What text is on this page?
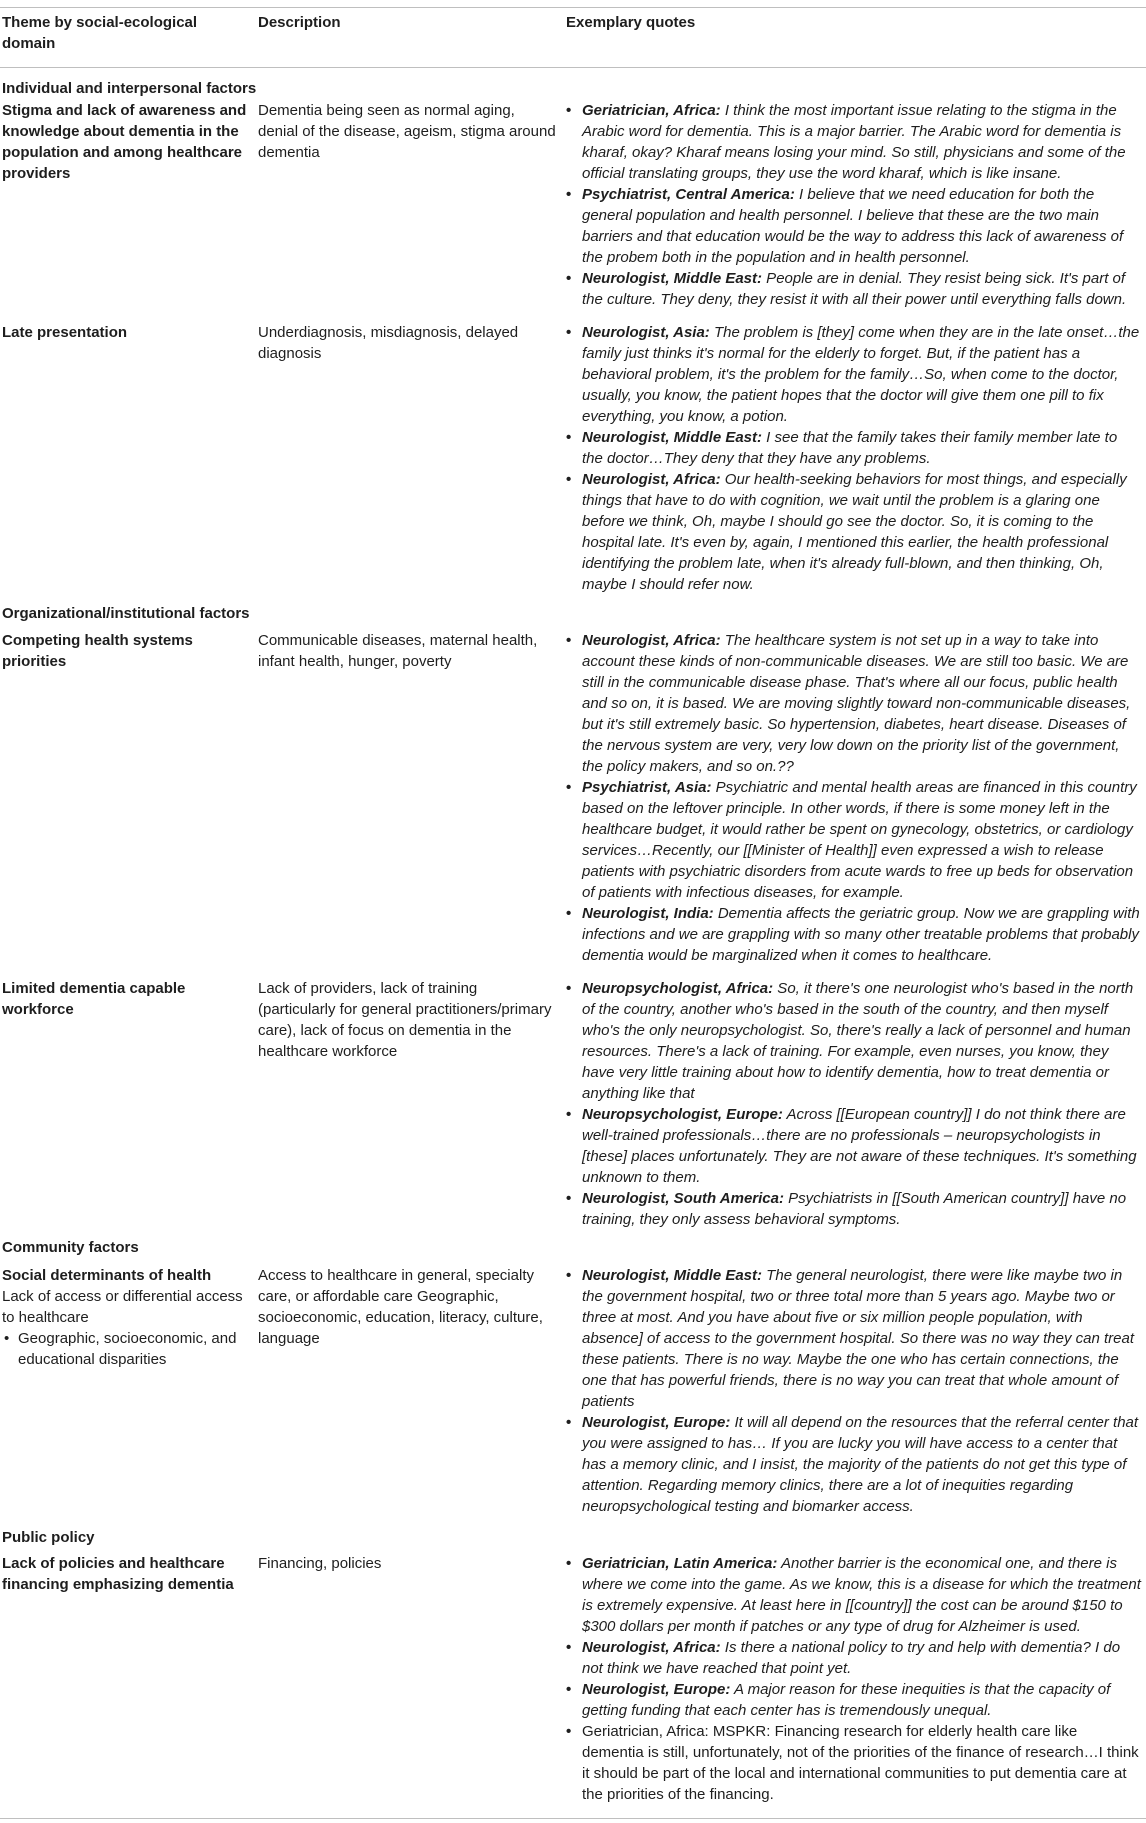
Theme by social-ecological domain
Description	Exemplary quotes
Individual and interpersonal factors
Stigma and lack of awareness and knowledge about dementia in the population and among healthcare providers
Dementia being seen as normal aging, denial of the disease, ageism, stigma around dementia
• Geriatrician, Africa: I think the most important issue relating to the stigma in the Arabic word for dementia. This is a major barrier. The Arabic word for dementia is kharaf, okay? Kharaf means losing your mind. So still, physicians and some of the official translating groups, they use the word kharaf, which is like insane.
• Psychiatrist, Central America: I believe that we need education for both the general population and health personnel. I believe that these are the two main barriers and that education would be the way to address this lack of awareness of the probem both in the population and in health personnel.
• Neurologist, Middle East: People are in denial. They resist being sick. It's part of the culture. They deny, they resist it with all their power until everything falls down.
Late presentation	Underdiagnosis, misdiagnosis, delayed diagnosis
• Neurologist, Asia: The problem is [they] come when they are in the late onset…the family just thinks it's normal for the elderly to forget. But, if the patient has a behavioral problem, it's the problem for the family…So, when come to the doctor, usually, you know, the patient hopes that the doctor will give them one pill to fix everything, you know, a potion.
• Neurologist, Middle East: I see that the family takes their family member late to the doctor…They deny that they have any problems.
• Neurologist, Africa: Our health-seeking behaviors for most things, and especially things that have to do with cognition, we wait until the problem is a glaring one before we think, Oh, maybe I should go see the doctor. So, it is coming to the hospital late. It's even by, again, I mentioned this earlier, the health professional identifying the problem late, when it's already full-blown, and then thinking, Oh, maybe I should refer now.
Organizational/institutional factors
Competing health systems priorities
Communicable diseases, maternal health, infant health, hunger, poverty
• Neurologist, Africa: The healthcare system is not set up in a way to take into account these kinds of non-communicable diseases. We are still too basic. We are still in the communicable disease phase. That's where all our focus, public health and so on, it is based. We are moving slightly toward non-communicable diseases, but it's still extremely basic. So hypertension, diabetes, heart disease. Diseases of the nervous system are very, very low down on the priority list of the government, the policy makers, and so on.??
• Psychiatrist, Asia: Psychiatric and mental health areas are financed in this country based on the leftover principle. In other words, if there is some money left in the healthcare budget, it would rather be spent on gynecology, obstetrics, or cardiology services…Recently, our [[Minister of Health]] even expressed a wish to release patients with psychiatric disorders from acute wards to free up beds for observation of patients with infectious diseases, for example.
• Neurologist, India: Dementia affects the geriatric group. Now we are grappling with infections and we are grappling with so many other treatable problems that probably dementia would be marginalized when it comes to healthcare.
Limited dementia capable workforce
Lack of providers, lack of training (particularly for general practitioners/primary care), lack of focus on dementia in the healthcare workforce
• Neuropsychologist, Africa: So, it there's one neurologist who's based in the north of the country, another who's based in the south of the country, and then myself who's the only neuropsychologist. So, there's really a lack of personnel and human resources. There's a lack of training. For example, even nurses, you know, they have very little training about how to identify dementia, how to treat dementia or anything like that
• Neuropsychologist, Europe: Across [[European country]] I do not think there are well-trained professionals…there are no professionals – neuropsychologists in [these] places unfortunately. They are not aware of these techniques. It's something unknown to them.
• Neurologist, South America: Psychiatrists in [[South American country]] have no training, they only assess behavioral symptoms.
Community factors
Social determinants of health
Lack of access or differential access to healthcare
• Geographic, socioeconomic, and educational disparities
Access to healthcare in general, specialty care, or affordable care Geographic, socioeconomic, education, literacy, culture, language
• Neurologist, Middle East: The general neurologist, there were like maybe two in the government hospital, two or three total more than 5 years ago. Maybe two or three at most. And you have about five or six million people population, with absence] of access to the government hospital. So there was no way they can treat these patients. There is no way. Maybe the one who has certain connections, the one that has powerful friends, there is no way you can treat that whole amount of patients
• Neurologist, Europe: It will all depend on the resources that the referral center that you were assigned to has… If you are lucky you will have access to a center that has a memory clinic, and I insist, the majority of the patients do not get this type of attention. Regarding memory clinics, there are a lot of inequities regarding neuropsychological testing and biomarker access.
Public policy
Lack of policies and healthcare financing emphasizing dementia
Financing, policies
•	Geriatrician, Latin America: Another barrier is the economical one, and there is where we come into the game. As we know, this is a disease for which the treatment is extremely expensive. At least here in [[country]] the cost can be around $150 to $300 dollars per month if patches or any type of drug for Alzheimer is used.
• Neurologist, Africa: Is there a national policy to try and help with dementia? I do not think we have reached that point yet.
• Neurologist, Europe: A major reason for these inequities is that the capacity of getting funding that each center has is tremendously unequal.
• Geriatrician, Africa: MSPKR: Financing research for elderly health care like dementia is still, unfortunately, not of the priorities of the finance of research…I think it should be part of the local and international communities to put dementia care at the priorities of the financing.
